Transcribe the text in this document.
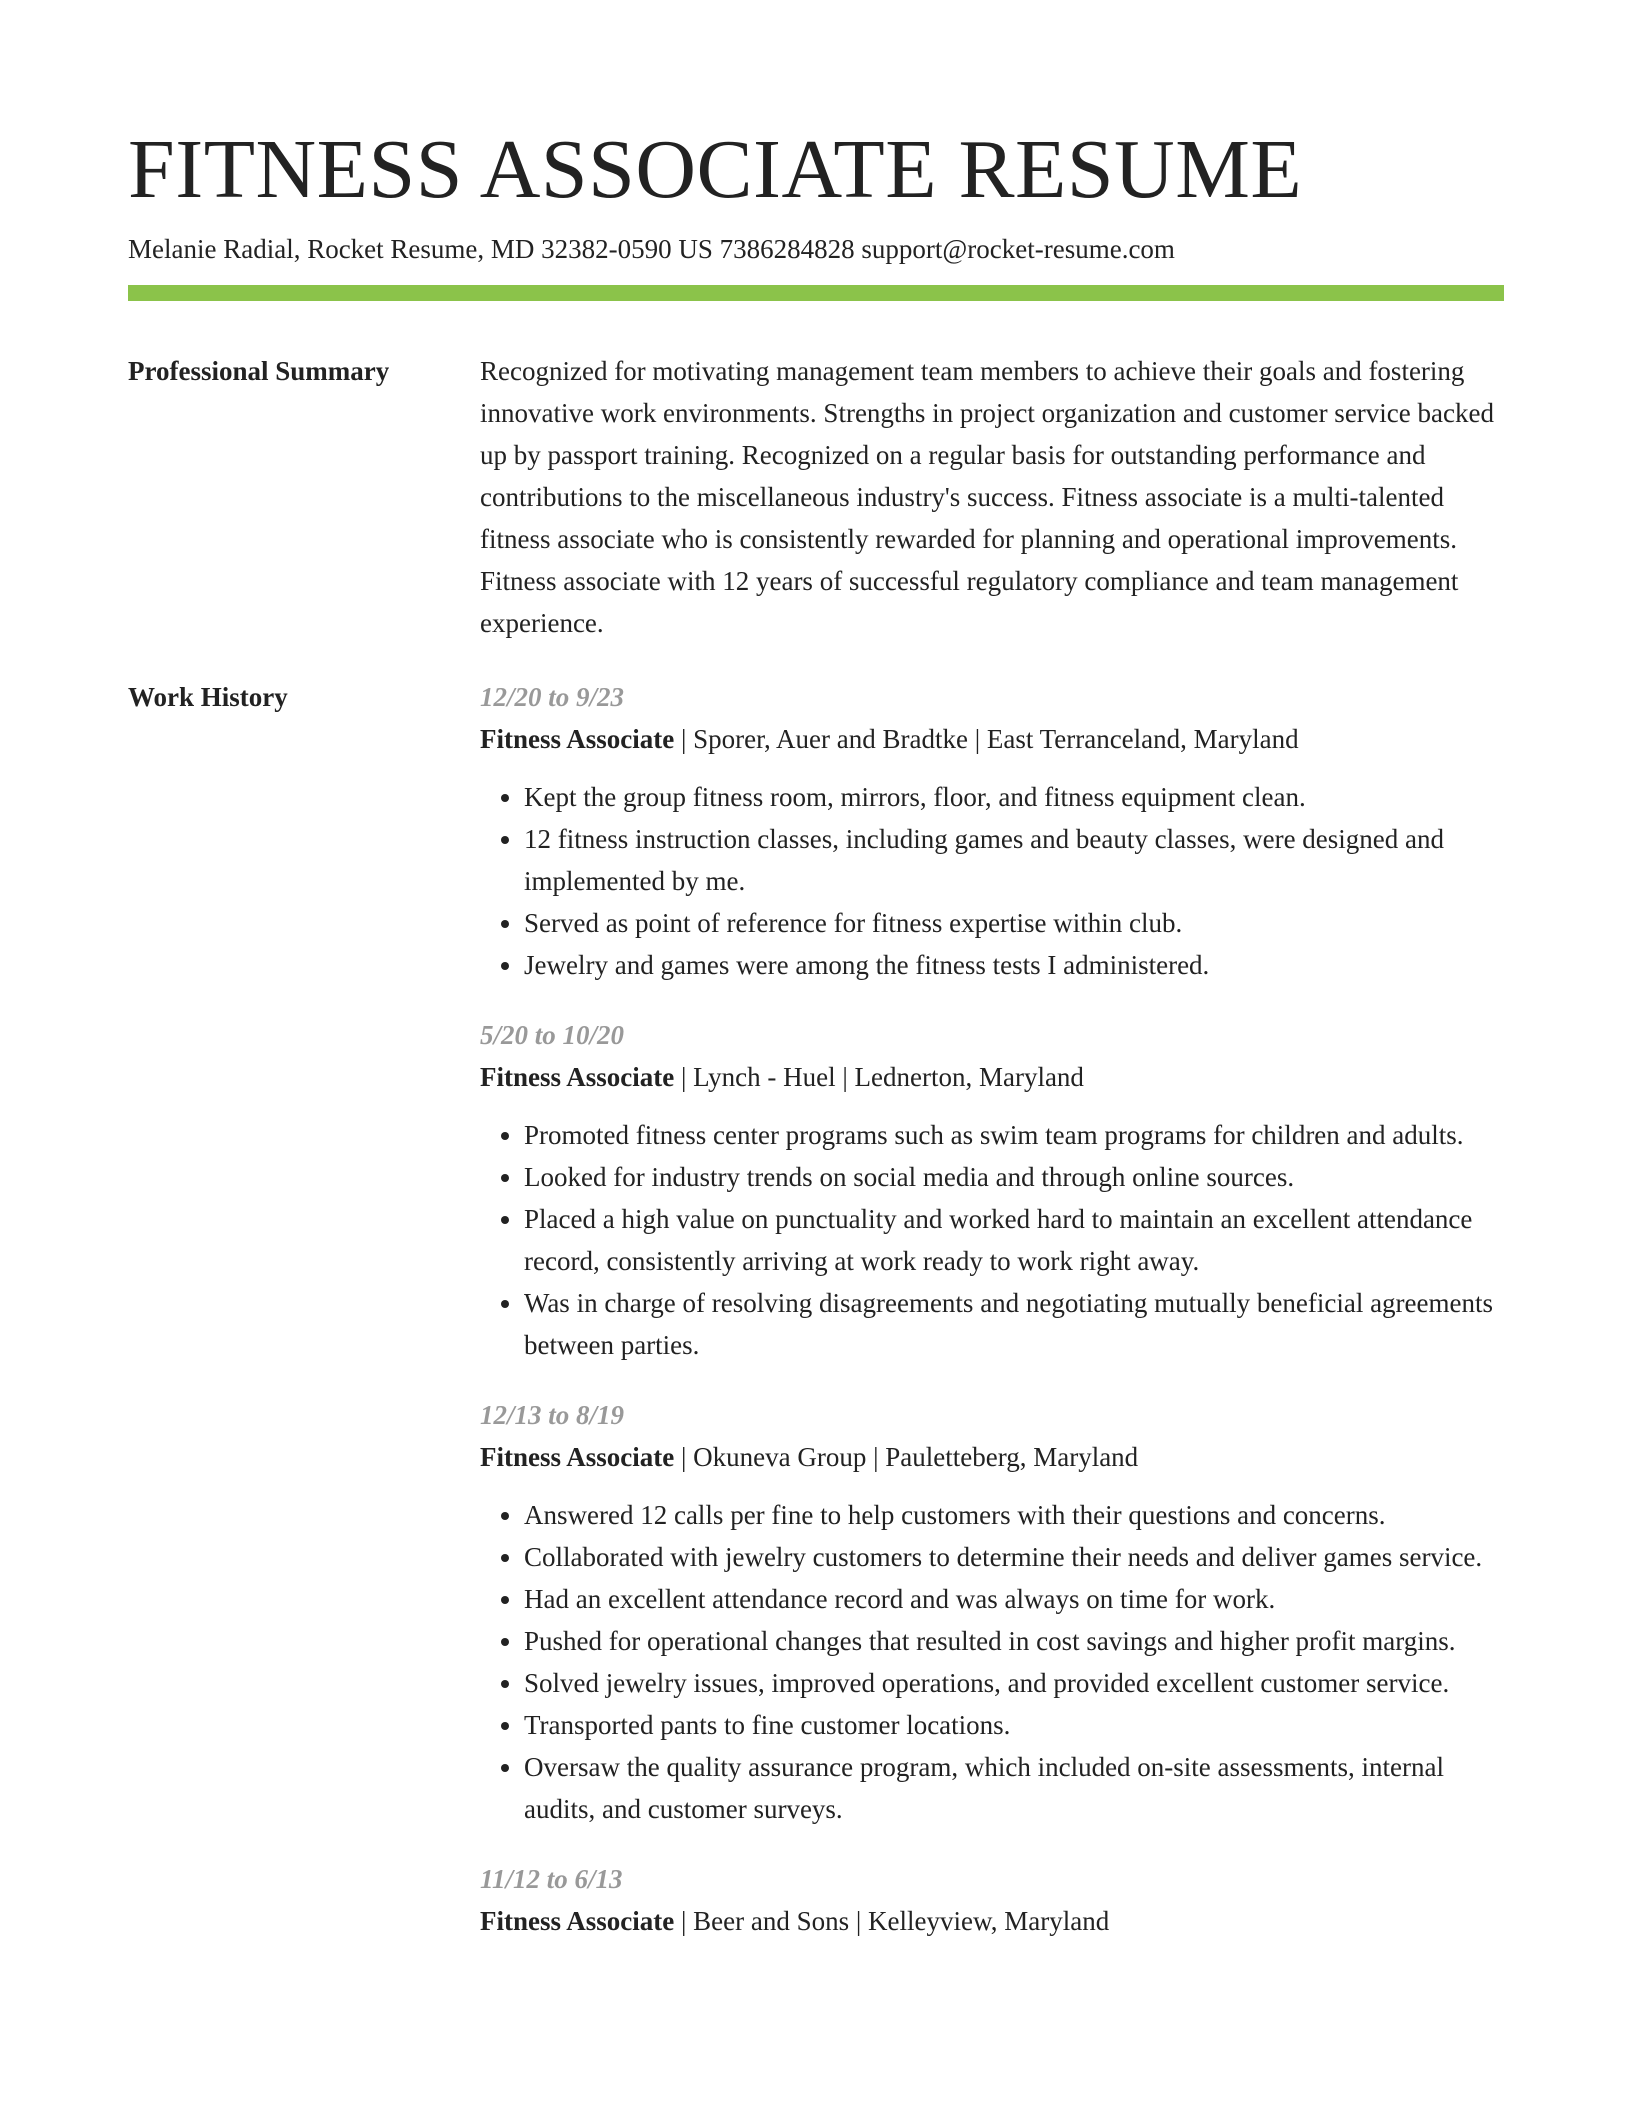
FITNESS ASSOCIATE RESUME
Melanie Radial, Rocket Resume, MD 32382-0590 US 7386284828 support@rocket-resume.com
Professional Summary	Recognized for motivating management team members to achieve their goals and fostering innovative work environments. Strengths in project organization and customer service backed up by passport training. Recognized on a regular basis for outstanding performance and contributions to the miscellaneous industry's success. Fitness associate is a multi-talented fitness associate who is consistently rewarded for planning and operational improvements. Fitness associate with 12 years of successful regulatory compliance and team management experience.

Work History	12/20 to 9/23

Fitness Associate | Sporer, Auer and Bradtke | East Terranceland, Maryland

• Kept the group fitness room, mirrors, floor, and fitness equipment clean.
• 12 fitness instruction classes, including games and beauty classes, were designed and implemented by me.
• Served as point of reference for fitness expertise within club.
• Jewelry and games were among the fitness tests I administered.

5/20 to 10/20

Fitness Associate | Lynch - Huel | Lednerton, Maryland

• Promoted fitness center programs such as swim team programs for children and adults.
• Looked for industry trends on social media and through online sources.
• Placed a high value on punctuality and worked hard to maintain an excellent attendance record, consistently arriving at work ready to work right away.
• Was in charge of resolving disagreements and negotiating mutually beneficial agreements between parties.

12/13 to 8/19

Fitness Associate | Okuneva Group | Pauletteberg, Maryland

• Answered 12 calls per fine to help customers with their questions and concerns.
• Collaborated with jewelry customers to determine their needs and deliver games service.
• Had an excellent attendance record and was always on time for work.
• Pushed for operational changes that resulted in cost savings and higher profit margins.
• Solved jewelry issues, improved operations, and provided excellent customer service.
• Transported pants to fine customer locations.
• Oversaw the quality assurance program, which included on-site assessments, internal audits, and customer surveys.

11/12 to 6/13

Fitness Associate | Beer and Sons | Kelleyview, Maryland
